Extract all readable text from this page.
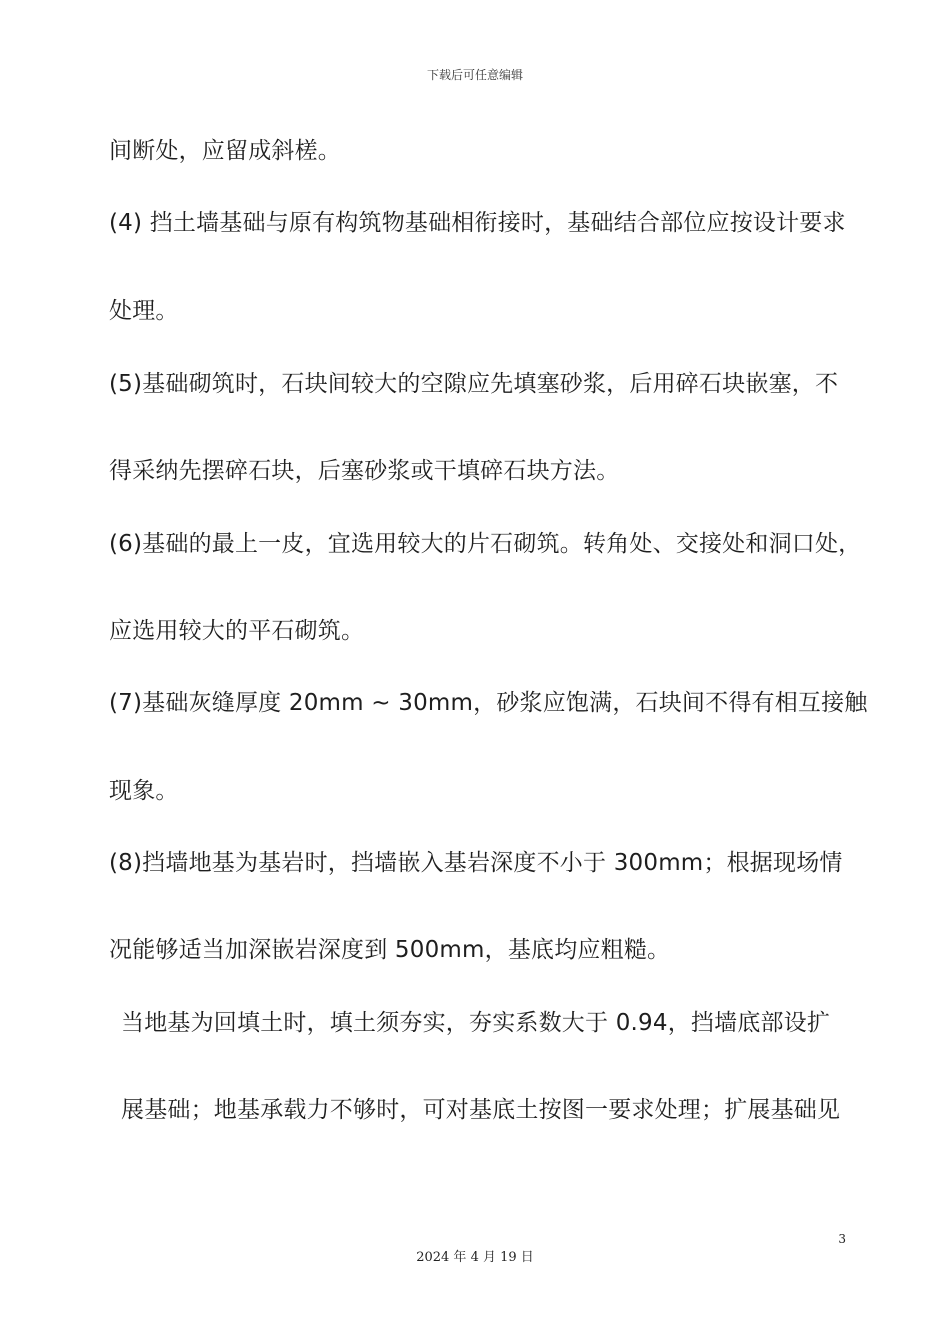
下载后可任意编辑
间断处，应留成斜槎。
(4) 挡土墙基础与原有构筑物基础相衔接时，基础结合部位应按设计要求
处理。
(5)基础砌筑时，石块间较大的空隙应先填塞砂浆，后用碎石块嵌塞，不
得采纳先摆碎石块，后塞砂浆或干填碎石块方法。
(6)基础的最上一皮，宜选用较大的片石砌筑。转角处、交接处和洞口处，
应选用较大的平石砌筑。
(7)基础灰缝厚度 20mm ~ 30mm，砂浆应饱满，石块间不得有相互接触
现象。
(8)挡墙地基为基岩时，挡墙嵌入基岩深度不小于 300mm；根据现场情
况能够适当加深嵌岩深度到 500mm，基底均应粗糙。
当地基为回填土时，填土须夯实，夯实系数大于 0.94，挡墙底部设扩
展基础；地基承载力不够时，可对基底土按图一要求处理；扩展基础见
3
2024 年 4 月 19 日
